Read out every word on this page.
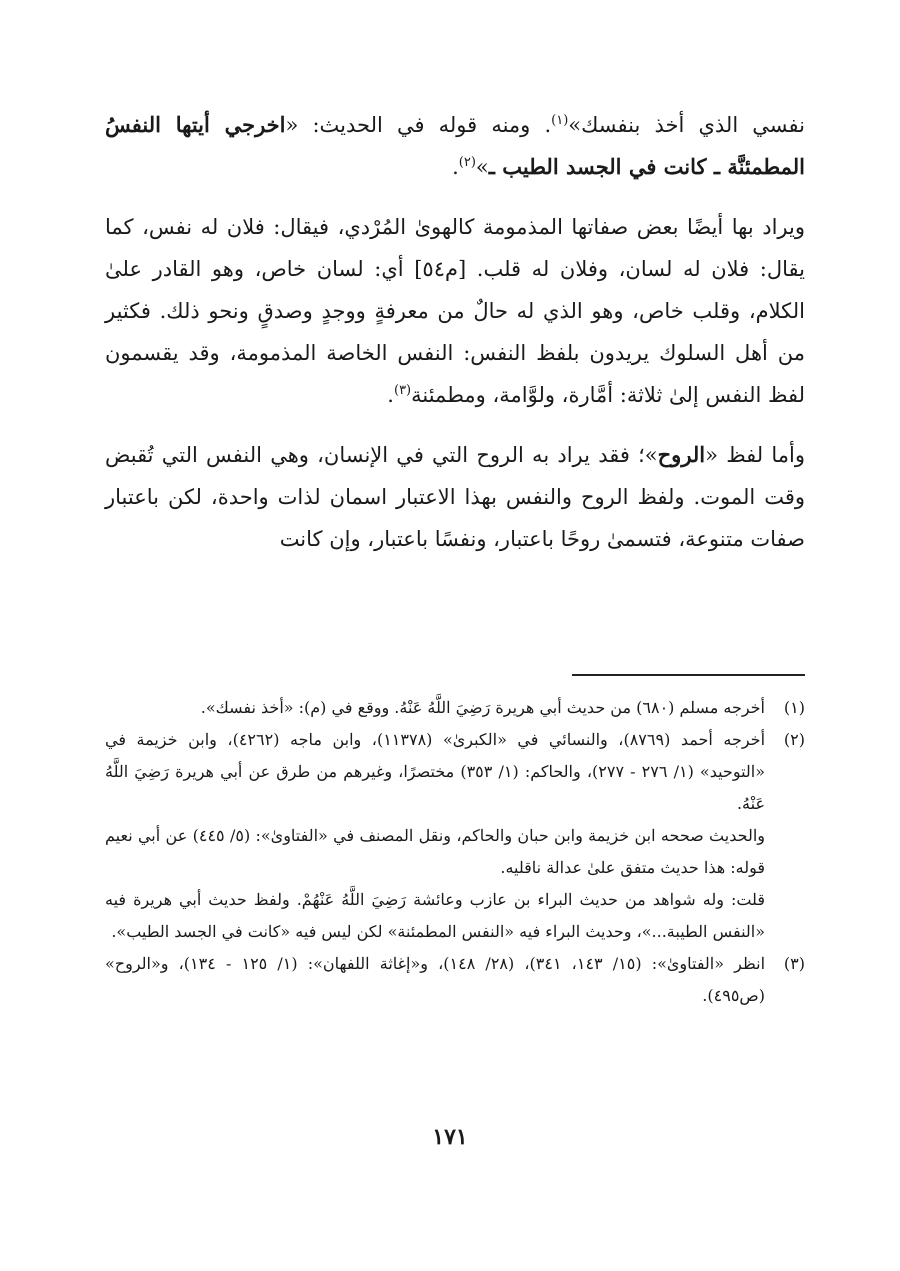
نفسي الذي أخذ بنفسك»$^{(١)}$. ومنه قوله في الحديث: «اخرجي أيتها النفسُ المطمئنَّة ـ كانت في الجسد الطيب ـ»$^{(٢)}$.

ويراد بها أيضًا بعض صفاتها المذمومة كالهوىٰ المُرْدي، فيقال: فلان له نفس، كما يقال: فلان له لسان، وفلان له قلب. [م٥٤] أي: لسان خاص، وهو القادر علىٰ الكلام، وقلب خاص، وهو الذي له حالٌ من معرفةٍ ووجدٍ وصدقٍ ونحو ذلك. فكثير من أهل السلوك يريدون بلفظ النفس: النفس الخاصة المذمومة، وقد يقسمون لفظ النفس إلىٰ ثلاثة: أمَّارة، ولوَّامة، ومطمئنة$^{(٣)}$.

وأما لفظ «الروح»؛ فقد يراد به الروح التي في الإنسان، وهي النفس التي تُقبض وقت الموت. ولفظ الروح والنفس بهذا الاعتبار اسمان لذات واحدة، لكن باعتبار صفات متنوعة، فتسمىٰ روحًا باعتبار، ونفسًا باعتبار، وإن كانت

(١)
أخرجه مسلم (٦٨٠) من حديث أبي هريرة رَضِيَ اللَّهُ عَنْهُ. ووقع في (م): «أخذ نفسك».
(٢)
أخرجه أحمد (٨٧٦٩)، والنسائي في «الكبرىٰ» (١١٣٧٨)، وابن ماجه (٤٢٦٢)، وابن خزيمة في «التوحيد» (١/ ٢٧٦ - ٢٧٧)، والحاكم: (١/ ٣٥٣) مختصرًا، وغيرهم من طرق عن أبي هريرة رَضِيَ اللَّهُ عَنْهُ.
والحديث صححه ابن خزيمة وابن حبان والحاكم، ونقل المصنف في «الفتاوىٰ»: (٥/ ٤٤٥) عن أبي نعيم قوله: هذا حديث متفق علىٰ عدالة ناقليه.
قلت: وله شواهد من حديث البراء بن عازب وعائشة رَضِيَ اللَّهُ عَنْهُمْ. ولفظ حديث أبي هريرة فيه «النفس الطيبة...»، وحديث البراء فيه «النفس المطمئنة» لكن ليس فيه «كانت في الجسد الطيب».
(٣)
انظر «الفتاوىٰ»: (١٥/ ١٤٣، ٣٤١)، (٢٨/ ١٤٨)، و«إغاثة اللفهان»: (١/ ١٢٥ - ١٣٤)، و«الروح» (ص٤٩٥).
١٧١
